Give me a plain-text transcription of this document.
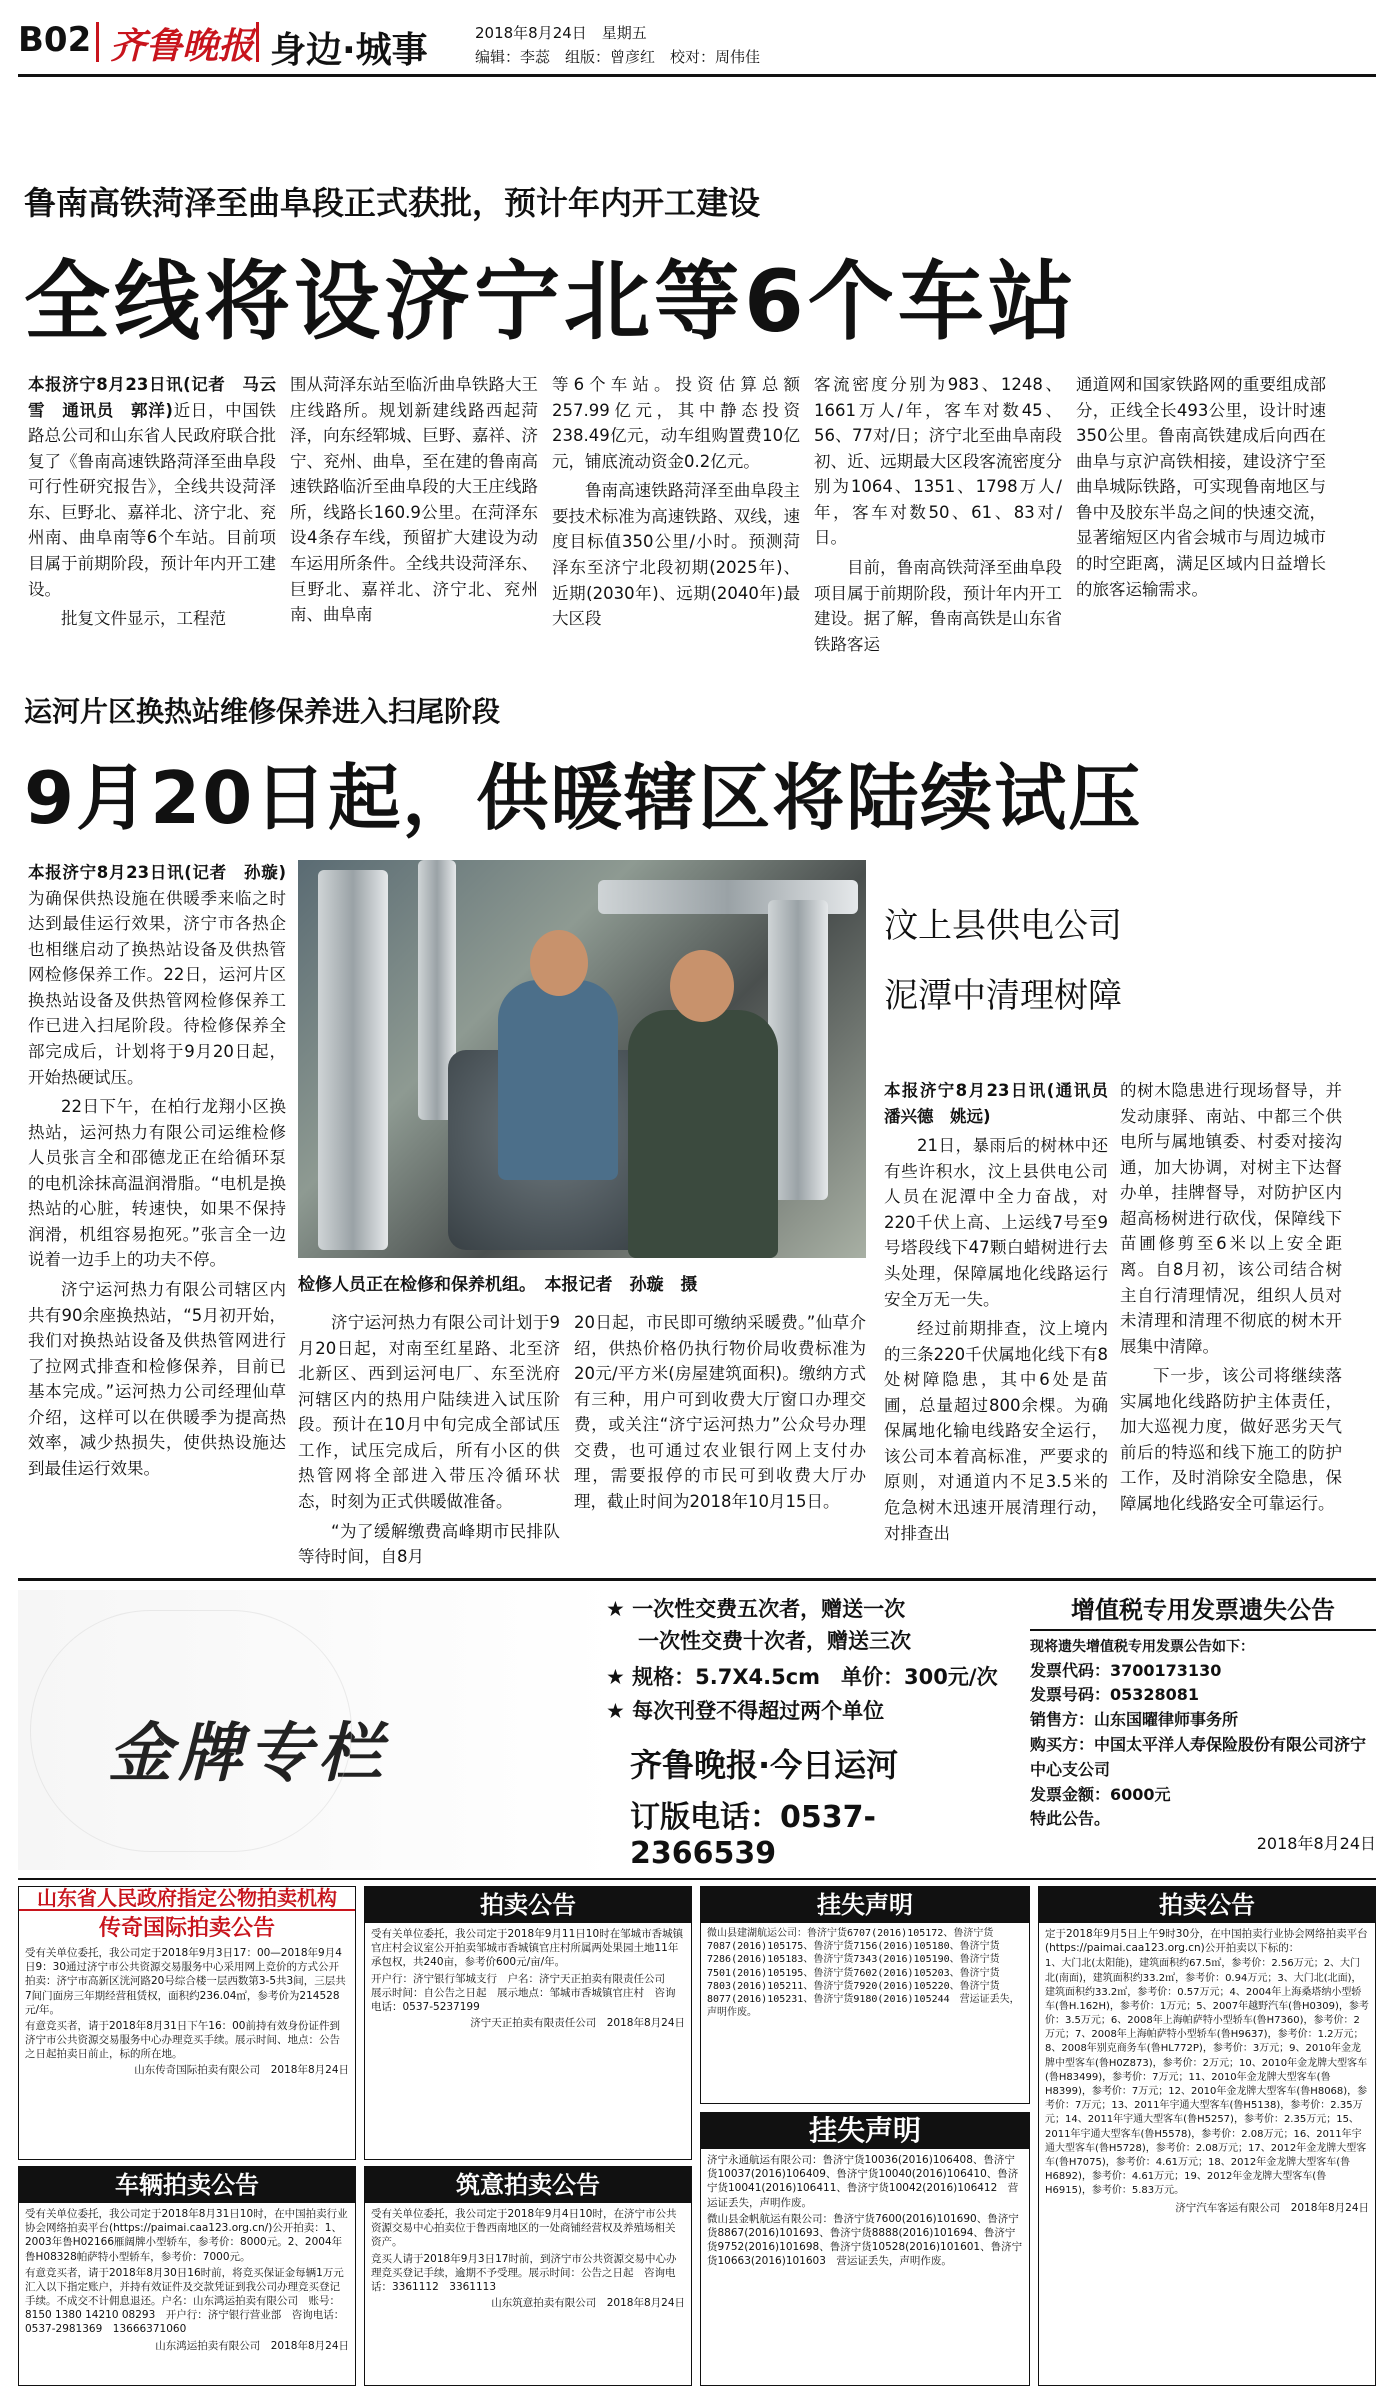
B02 齐鲁晚报 身边·城事	2018年8月24日　星期五
编辑：李蕊　组版：曾彦红　校对：周伟佳
鲁南高铁菏泽至曲阜段正式获批，预计年内开工建设
全线将设济宁北等6个车站

本报济宁8月23日讯(记者　马云雪　通讯员　郭洋)近日，中国铁路总公司和山东省人民政府联合批复了《鲁南高速铁路菏泽至曲阜段可行性研究报告》，全线共设菏泽东、巨野北、嘉祥北、济宁北、兖州南、曲阜南等6个车站。目前项目属于前期阶段，预计年内开工建设。

批复文件显示，工程范

围从菏泽东站至临沂曲阜铁路大王庄线路所。规划新建线路西起菏泽，向东经郓城、巨野、嘉祥、济宁、兖州、曲阜，至在建的鲁南高速铁路临沂至曲阜段的大王庄线路所，线路长160.9公里。在菏泽东设4条存车线，预留扩大建设为动车运用所条件。全线共设菏泽东、巨野北、嘉祥北、济宁北、兖州南、曲阜南

等6个车站。投资估算总额257.99亿元，其中静态投资238.49亿元，动车组购置费10亿元，铺底流动资金0.2亿元。

鲁南高速铁路菏泽至曲阜段主要技术标准为高速铁路、双线，速度目标值350公里/小时。预测菏泽东至济宁北段初期(2025年)、近期(2030年)、远期(2040年)最大区段

客流密度分别为983、1248、1661万人/年，客车对数45、56、77对/日；济宁北至曲阜南段初、近、远期最大区段客流密度分别为1064、1351、1798万人/年，客车对数50、61、83对/日。

目前，鲁南高铁菏泽至曲阜段项目属于前期阶段，预计年内开工建设。据了解，鲁南高铁是山东省铁路客运

通道网和国家铁路网的重要组成部分，正线全长493公里，设计时速350公里。鲁南高铁建成后向西在曲阜与京沪高铁相接，建设济宁至曲阜城际铁路，可实现鲁南地区与鲁中及胶东半岛之间的快速交流，显著缩短区内省会城市与周边城市的时空距离，满足区域内日益增长的旅客运输需求。

运河片区换热站维修保养进入扫尾阶段
9月20日起，供暖辖区将陆续试压

本报济宁8月23日讯(记者　孙璇)为确保供热设施在供暖季来临之时达到最佳运行效果，济宁市各热企也相继启动了换热站设备及供热管网检修保养工作。22日，运河片区换热站设备及供热管网检修保养工作已进入扫尾阶段。待检修保养全部完成后，计划将于9月20日起，开始热硬试压。

22日下午，在柏行龙翔小区换热站，运河热力有限公司运维检修人员张言全和邵德龙正在给循环泵的电机涂抹高温润滑脂。“电机是换热站的心脏，转速快，如果不保持润滑，机组容易抱死。”张言全一边说着一边手上的功夫不停。

济宁运河热力有限公司辖区内共有90余座换热站，“5月初开始，我们对换热站设备及供热管网进行了拉网式排查和检修保养，目前已基本完成。”运河热力公司经理仙草介绍，这样可以在供暖季为提高热效率，减少热损失，使供热设施达到最佳运行效果。

检修人员正在检修和保养机组。　本报记者　孙璇　摄

济宁运河热力有限公司计划于9月20日起，对南至红星路、北至济北新区、西到运河电厂、东至洸府河辖区内的热用户陆续进入试压阶段。预计在10月中旬完成全部试压工作，试压完成后，所有小区的供热管网将全部进入带压冷循环状态，时刻为正式供暖做准备。

“为了缓解缴费高峰期市民排队等待时间，自8月

20日起，市民即可缴纳采暖费。”仙草介绍，供热价格仍执行物价局收费标准为20元/平方米(房屋建筑面积)。缴纳方式有三种，用户可到收费大厅窗口办理交费，或关注“济宁运河热力”公众号办理交费，也可通过农业银行网上支付办理，需要报停的市民可到收费大厅办理，截止时间为2018年10月15日。

汶上县供电公司
泥潭中清理树障

本报济宁8月23日讯(通讯员　潘兴德　姚远)

21日，暴雨后的树林中还有些许积水，汶上县供电公司人员在泥潭中全力奋战，对220千伏上高、上运线7号至9号塔段线下47颗白蜡树进行去头处理，保障属地化线路运行安全万无一失。

经过前期排查，汶上境内的三条220千伏属地化线下有8处树障隐患，其中6处是苗圃，总量超过800余棵。为确保属地化输电线路安全运行，该公司本着高标准，严要求的原则，对通道内不足3.5米的危急树木迅速开展清理行动，对排查出

的树木隐患进行现场督导，并发动康驿、南站、中都三个供电所与属地镇委、村委对接沟通，加大协调，对树主下达督办单，挂牌督导，对防护区内超高杨树进行砍伐，保障线下苗圃修剪至6米以上安全距离。自8月初，该公司结合树主自行清理情况，组织人员对未清理和清理不彻底的树木开展集中清障。

下一步，该公司将继续落实属地化线路防护主体责任，加大巡视力度，做好恶劣天气前后的特巡和线下施工的防护工作，及时消除安全隐患，保障属地化线路安全可靠运行。

金牌专栏
★ 一次性交费五次者，赠送一次
一次性交费十次者，赠送三次
★ 规格：5.7X4.5cm　单价：300元/次
★ 每次刊登不得超过两个单位
齐鲁晚报·今日运河
订版电话：0537-2366539
增值税专用发票遗失公告
现将遗失增值税专用发票公告如下：
发票代码：3700173130
发票号码：05328081
销售方：山东国曜律师事务所
购买方：中国太平洋人寿保险股份有限公司济宁中心支公司
发票金额：6000元
特此公告。
2018年8月24日
山东省人民政府指定公物拍卖机构
传奇国际拍卖公告

受有关单位委托，我公司定于2018年9月3日17：00—2018年9月4日9：30通过济宁市公共资源交易服务中心采用网上竞价的方式公开拍卖：济宁市高新区洸河路20号综合楼一层西数第3-5共3间，三层共7间门面房三年期经营租赁权，面积约236.04㎡，参考价为214528元/年。

有意竞买者，请于2018年8月31日下午16：00前持有效身份证件到济宁市公共资源交易服务中心办理竞买手续。展示时间、地点：公告之日起拍卖日前止，标的所在地。

山东传奇国际拍卖有限公司　2018年8月24日

拍卖公告

受有关单位委托，我公司定于2018年9月11日10时在邹城市香城镇官庄村会议室公开拍卖邹城市香城镇官庄村所属两处果园土地11年承包权，共240亩，参考价600元/亩/年。

开户行：济宁银行邹城支行　户名：济宁天正拍卖有限责任公司　展示时间：自公告之日起　展示地点：邹城市香城镇官庄村　咨询电话：0537-5237199

济宁天正拍卖有限责任公司　2018年8月24日

挂失声明
微山县建湖航运公司：鲁济宁货6707(2016)105172、鲁济宁货7087(2016)105175、鲁济宁货7156(2016)105180、鲁济宁货7286(2016)105183、鲁济宁货7343(2016)105190、鲁济宁货7501(2016)105195、鲁济宁货7602(2016)105203、鲁济宁货7803(2016)105211、鲁济宁货7920(2016)105220、鲁济宁货8077(2016)105231、鲁济宁货9180(2016)105244　营运证丢失，声明作废。
拍卖公告

定于2018年9月5日上午9时30分，在中国拍卖行业协会网络拍卖平台(https://paimai.caa123.org.cn)公开拍卖以下标的：

1、大门北(太阳能)，建筑面积约67.5㎡，参考价：2.56万元；2、大门北(南面)，建筑面积约33.2㎡，参考价：0.94万元；3、大门北(北面)，建筑面积约33.2㎡，参考价：0.57万元；4、2004年上海桑塔纳小型轿车(鲁H.162H)，参考价：1万元；5、2007年越野汽车(鲁H0309)，参考价：3.5万元；6、2008年上海帕萨特小型轿车(鲁H7360)，参考价：2万元；7、2008年上海帕萨特小型轿车(鲁H9637)，参考价：1.2万元；8、2008年别克商务车(鲁HL772P)，参考价：3万元；9、2010年金龙牌中型客车(鲁H0Z873)，参考价：2万元；10、2010年金龙牌大型客车(鲁H83499)，参考价：7万元；11、2010年金龙牌大型客车(鲁H8399)，参考价：7万元；12、2010年金龙牌大型客车(鲁H8068)，参考价：7万元；13、2011年宇通大型客车(鲁H5138)，参考价：2.35万元；14、2011年宇通大型客车(鲁H5257)，参考价：2.35万元；15、2011年宇通大型客车(鲁H5578)，参考价：2.08万元；16、2011年宇通大型客车(鲁H5728)，参考价：2.08万元；17、2012年金龙牌大型客车(鲁H7075)，参考价：4.61万元；18、2012年金龙牌大型客车(鲁H6892)，参考价：4.61万元；19、2012年金龙牌大型客车(鲁H6915)，参考价：5.83万元。

济宁汽车客运有限公司　2018年8月24日

车辆拍卖公告

受有关单位委托，我公司定于2018年8月31日10时，在中国拍卖行业协会网络拍卖平台(https://paimai.caa123.org.cn/)公开拍卖：1、2003年鲁H02166雁阔牌小型轿车，参考价：8000元。2、2004年鲁H08328帕萨特小型轿车，参考价：7000元。

有意竞买者，请于2018年8月30日16时前，将竞买保证金每辆1万元汇入以下指定账户，并持有效证件及交款凭证到我公司办理竞买登记手续。不成交不计佣息退还。户名：山东鸿运拍卖有限公司　账号：8150 1380 14210 08293　开户行：济宁银行营业部　咨询电话：0537-2981369　13666371060

山东鸿运拍卖有限公司　2018年8月24日

筑意拍卖公告

受有关单位委托，我公司定于2018年9月4日10时，在济宁市公共资源交易中心拍卖位于鲁西南地区的一处商铺经营权及养殖场相关资产。

竞买人请于2018年9月3日17时前，到济宁市公共资源交易中心办理竞买登记手续，逾期不予受理。展示时间：公告之日起　咨询电话：3361112　3361113

山东筑意拍卖有限公司　2018年8月24日

挂失声明

济宁永通航运有限公司：鲁济宁货10036(2016)106408、鲁济宁货10037(2016)106409、鲁济宁货10040(2016)106410、鲁济宁货10041(2016)106411、鲁济宁货10042(2016)106412　营运证丢失，声明作废。

微山县金帆航运有限公司：鲁济宁货7600(2016)101690、鲁济宁货8867(2016)101693、鲁济宁货8888(2016)101694、鲁济宁货9752(2016)101698、鲁济宁货10528(2016)101601、鲁济宁货10663(2016)101603　营运证丢失，声明作废。
